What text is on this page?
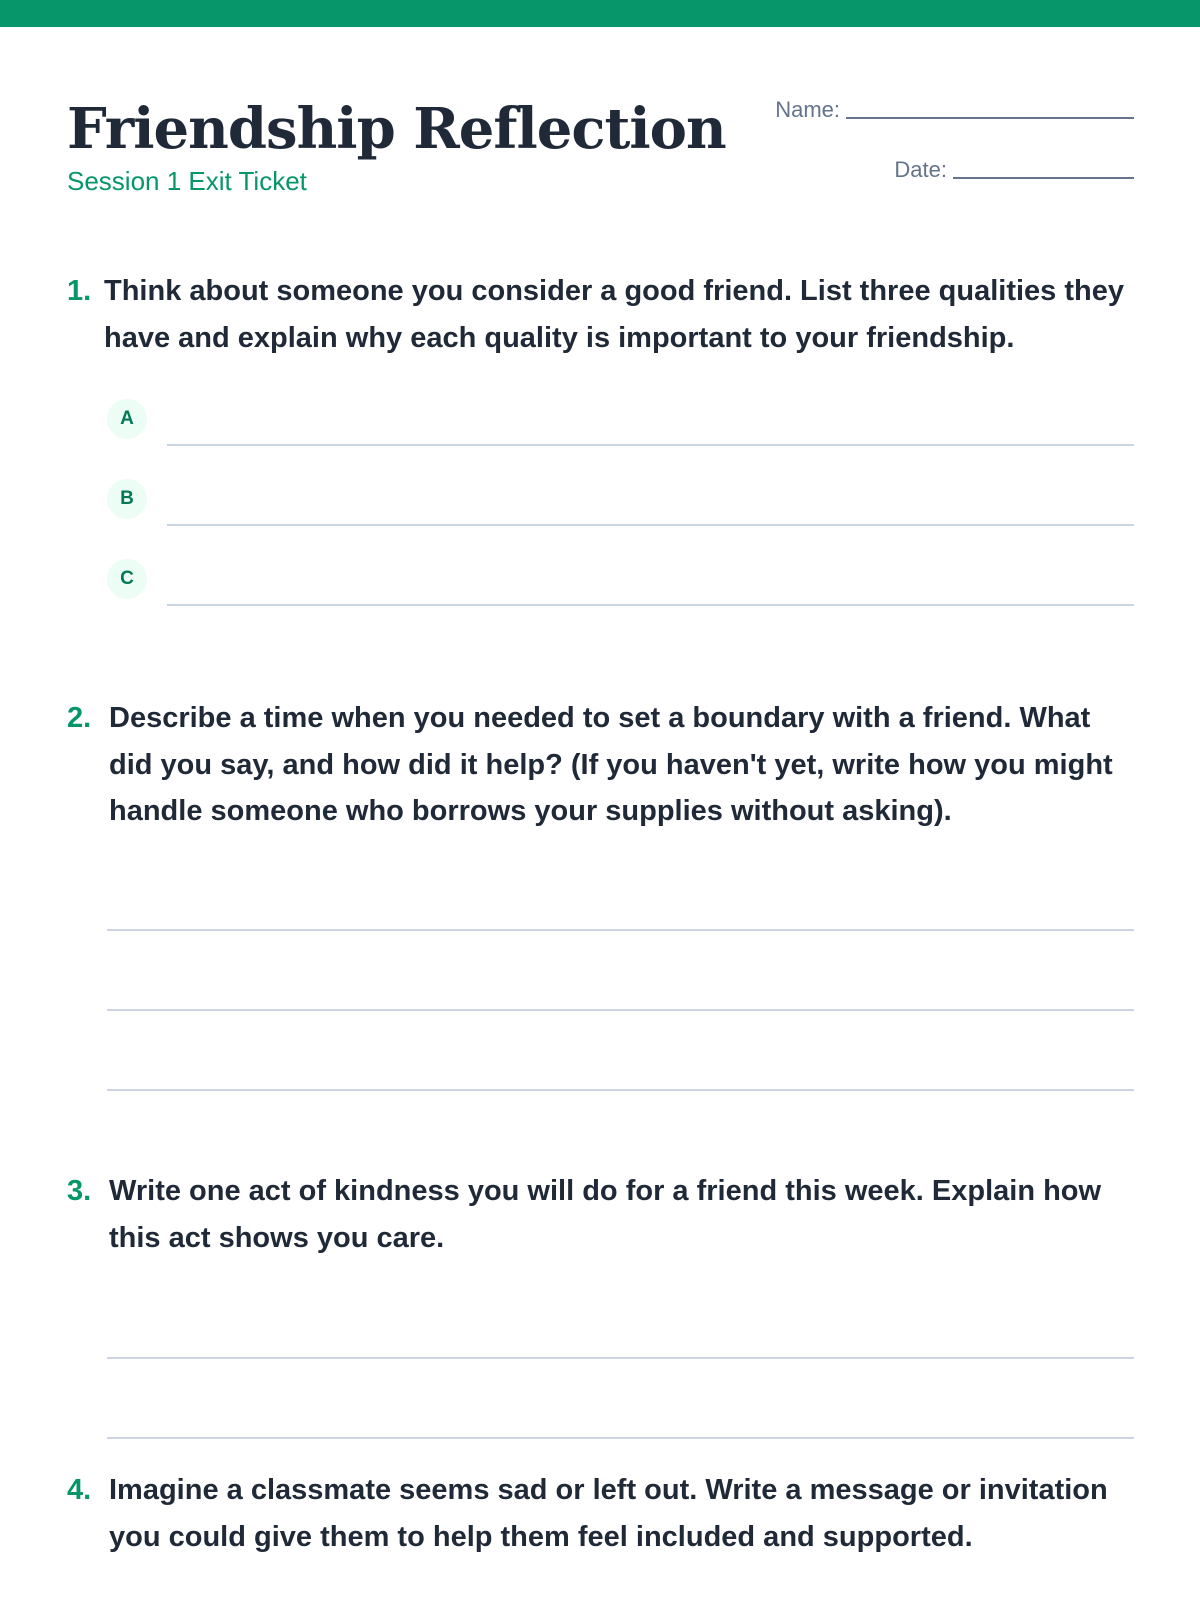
Friendship Reflection
Session 1 Exit Ticket
Name:
Date:
1. Think about someone you consider a good friend. List three qualities they have and explain why each quality is important to your friendship.
A
B
C
2. Describe a time when you needed to set a boundary with a friend. What did you say, and how did it help? (If you haven't yet, write how you might handle someone who borrows your supplies without asking).
3. Write one act of kindness you will do for a friend this week. Explain how this act shows you care.
4. Imagine a classmate seems sad or left out. Write a message or invitation you could give them to help them feel included and supported.
